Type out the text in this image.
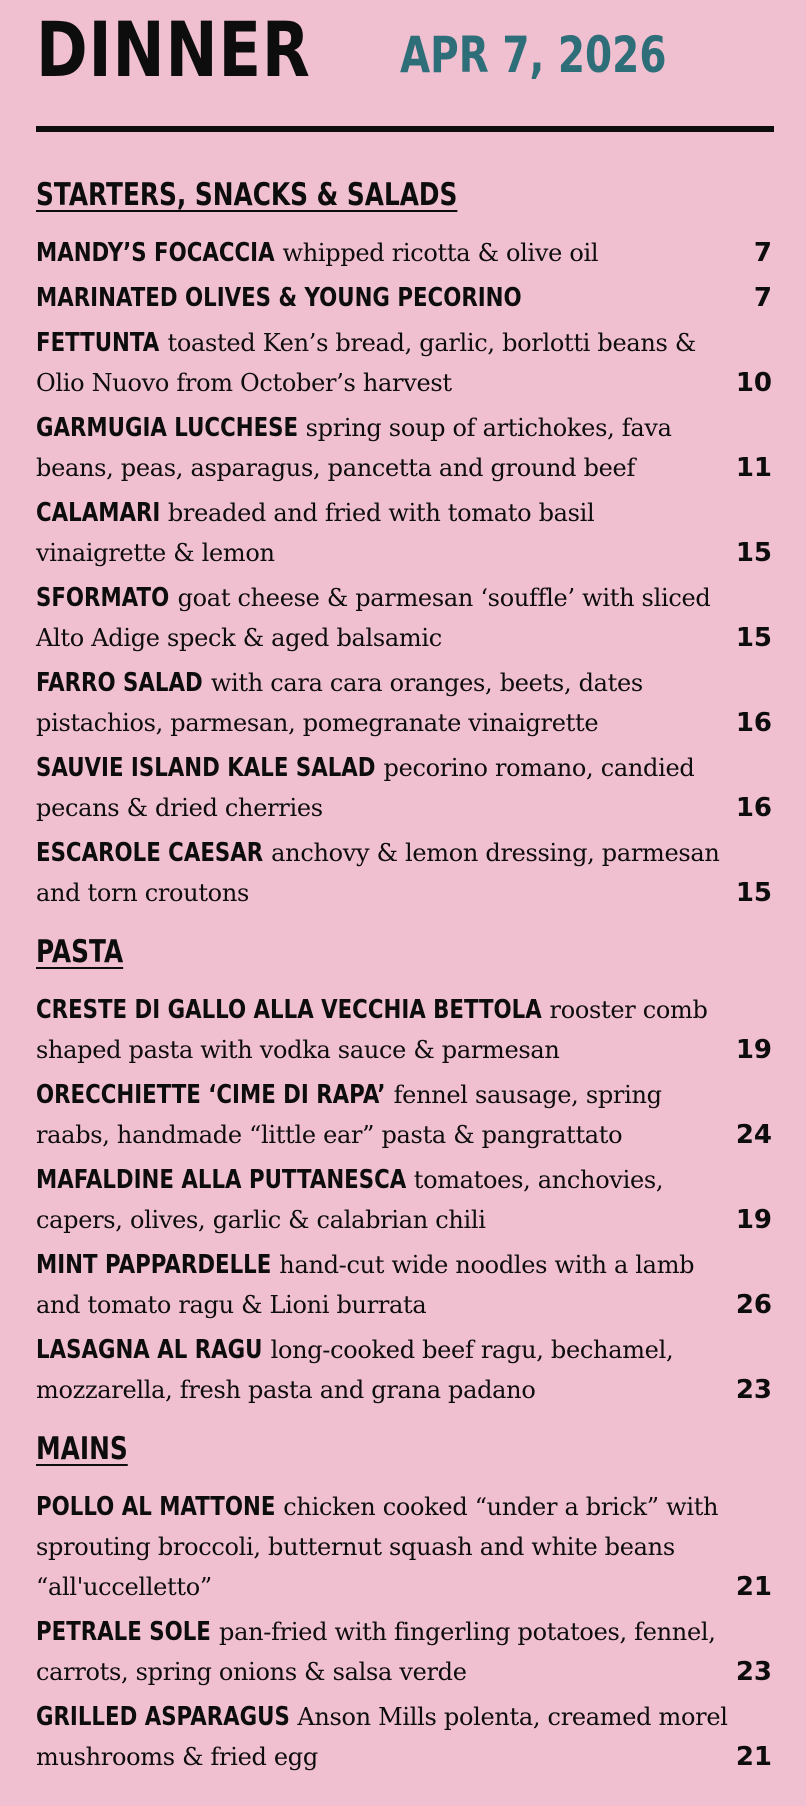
DINNER APR 7, 2026
STARTERS, SNACKS & SALADS
MANDY’S FOCACCIA whipped ricotta & olive oil	7
MARINATED OLIVES & YOUNG PECORINO	7
FETTUNTA toasted Ken’s bread, garlic, borlotti beans & Olio Nuovo from October’s harvest	10
GARMUGIA LUCCHESE spring soup of artichokes, fava beans, peas, asparagus, pancetta and ground beef	11
CALAMARI breaded and fried with tomato basil vinaigrette & lemon	15
SFORMATO goat cheese & parmesan ‘souffle’ with sliced Alto Adige speck & aged balsamic	15
FARRO SALAD with cara cara oranges, beets, dates pistachios, parmesan, pomegranate vinaigrette	16
SAUVIE ISLAND KALE SALAD pecorino romano, candied pecans & dried cherries	16
ESCAROLE CAESAR anchovy & lemon dressing, parmesan and torn croutons	15
PASTA
CRESTE DI GALLO ALLA VECCHIA BETTOLA rooster comb shaped pasta with vodka sauce & parmesan	19
ORECCHIETTE ‘CIME DI RAPA’ fennel sausage, spring raabs, handmade “little ear” pasta & pangrattato	24
MAFALDINE ALLA PUTTANESCA tomatoes, anchovies, capers, olives, garlic & calabrian chili	19
MINT PAPPARDELLE hand-cut wide noodles with a lamb and tomato ragu & Lioni burrata	26
LASAGNA AL RAGU long-cooked beef ragu, bechamel, mozzarella, fresh pasta and grana padano	23
MAINS
POLLO AL MATTONE chicken cooked “under a brick” with sprouting broccoli, butternut squash and white beans “all'uccelletto”	21
PETRALE SOLE pan-fried with fingerling potatoes, fennel, carrots, spring onions & salsa verde	23
GRILLED ASPARAGUS Anson Mills polenta, creamed morel mushrooms & fried egg	21
